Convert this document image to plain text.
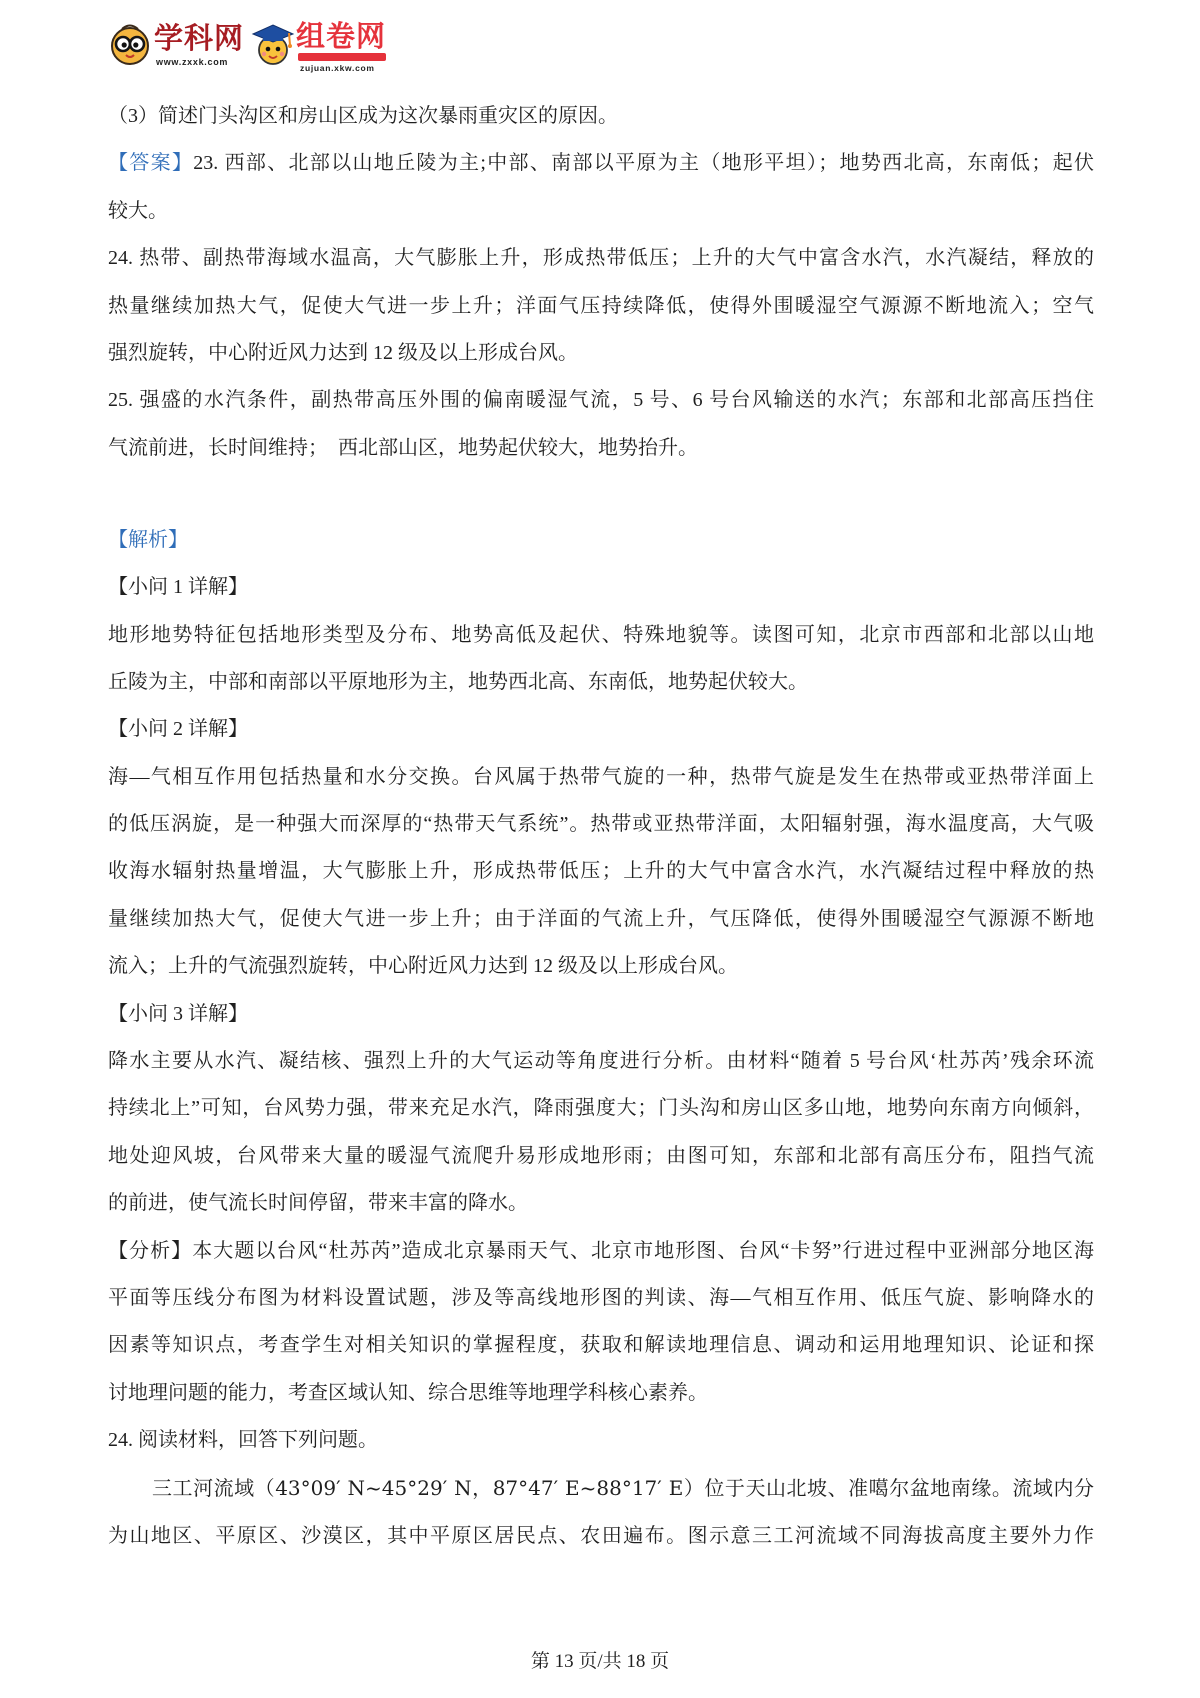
学科网
www.zxxk.com
组卷网
zujuan.xkw.com
（3）简述门头沟区和房山区成为这次暴雨重灾区的原因。
【答案】23. 西部、北部以山地丘陵为主;中部、南部以平原为主（地形平坦）；地势西北高，东南低；起伏
较大。
24. 热带、副热带海域水温高，大气膨胀上升，形成热带低压；上升的大气中富含水汽，水汽凝结，释放的
热量继续加热大气，促使大气进一步上升；洋面气压持续降低，使得外围暖湿空气源源不断地流入；空气
强烈旋转，中心附近风力达到 12 级及以上形成台风。
25. 强盛的水汽条件，副热带高压外围的偏南暖湿气流，5 号、6 号台风输送的水汽；东部和北部高压挡住
气流前进，长时间维持；  西北部山区，地势起伏较大，地势抬升。
【解析】
【小问 1 详解】
地形地势特征包括地形类型及分布、地势高低及起伏、特殊地貌等。读图可知，北京市西部和北部以山地
丘陵为主，中部和南部以平原地形为主，地势西北高、东南低，地势起伏较大。
【小问 2 详解】
海—气相互作用包括热量和水分交换。台风属于热带气旋的一种，热带气旋是发生在热带或亚热带洋面上
的低压涡旋，是一种强大而深厚的“热带天气系统”。热带或亚热带洋面，太阳辐射强，海水温度高，大气吸
收海水辐射热量增温，大气膨胀上升，形成热带低压；上升的大气中富含水汽，水汽凝结过程中释放的热
量继续加热大气，促使大气进一步上升；由于洋面的气流上升，气压降低，使得外围暖湿空气源源不断地
流入；上升的气流强烈旋转，中心附近风力达到 12 级及以上形成台风。
【小问 3 详解】
降水主要从水汽、凝结核、强烈上升的大气运动等角度进行分析。由材料“随着 5 号台风‘杜苏芮’残余环流
持续北上”可知，台风势力强，带来充足水汽，降雨强度大；门头沟和房山区多山地，地势向东南方向倾斜，
地处迎风坡，台风带来大量的暖湿气流爬升易形成地形雨；由图可知，东部和北部有高压分布，阻挡气流
的前进，使气流长时间停留，带来丰富的降水。
【分析】本大题以台风“杜苏芮”造成北京暴雨天气、北京市地形图、台风“卡努”行进过程中亚洲部分地区海
平面等压线分布图为材料设置试题，涉及等高线地形图的判读、海—气相互作用、低压气旋、影响降水的
因素等知识点，考查学生对相关知识的掌握程度，获取和解读地理信息、调动和运用地理知识、论证和探
讨地理问题的能力，考查区域认知、综合思维等地理学科核心素养。
24. 阅读材料，回答下列问题。
三工河流域（43°09′ N~45°29′ N，87°47′ E~88°17′ E）位于天山北坡、准噶尔盆地南缘。流域内分
为山地区、平原区、沙漠区，其中平原区居民点、农田遍布。图示意三工河流域不同海拔高度主要外力作
第 13 页/共 18 页
